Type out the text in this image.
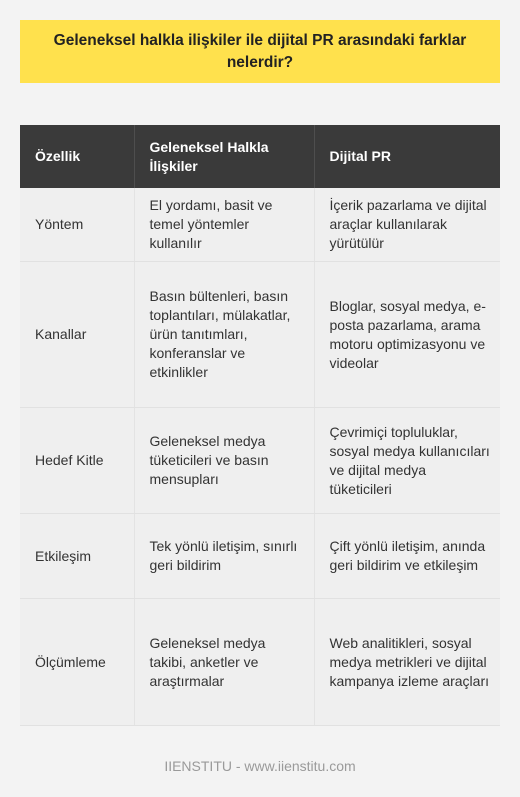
Geleneksel halkla ilişkiler ile dijital PR arasındaki farklar nelerdir?
Özellik	Geleneksel Halkla İlişkiler	Dijital PR
Yöntem	El yordamı, basit ve temel yöntemler kullanılır	İçerik pazarlama ve dijital araçlar kullanılarak yürütülür
Kanallar	Basın bültenleri, basın toplantıları, mülakatlar, ürün tanıtımları, konferanslar ve etkinlikler	Bloglar, sosyal medya, e-posta pazarlama, arama motoru optimizasyonu ve videolar
Hedef Kitle	Geleneksel medya tüketicileri ve basın mensupları	Çevrimiçi topluluklar, sosyal medya kullanıcıları ve dijital medya tüketicileri
Etkileşim	Tek yönlü iletişim, sınırlı geri bildirim	Çift yönlü iletişim, anında geri bildirim ve etkileşim
Ölçümleme	Geleneksel medya takibi, anketler ve araştırmalar	Web analitikleri, sosyal medya metrikleri ve dijital kampanya izleme araçları
IIENSTITU - www.iienstitu.com
